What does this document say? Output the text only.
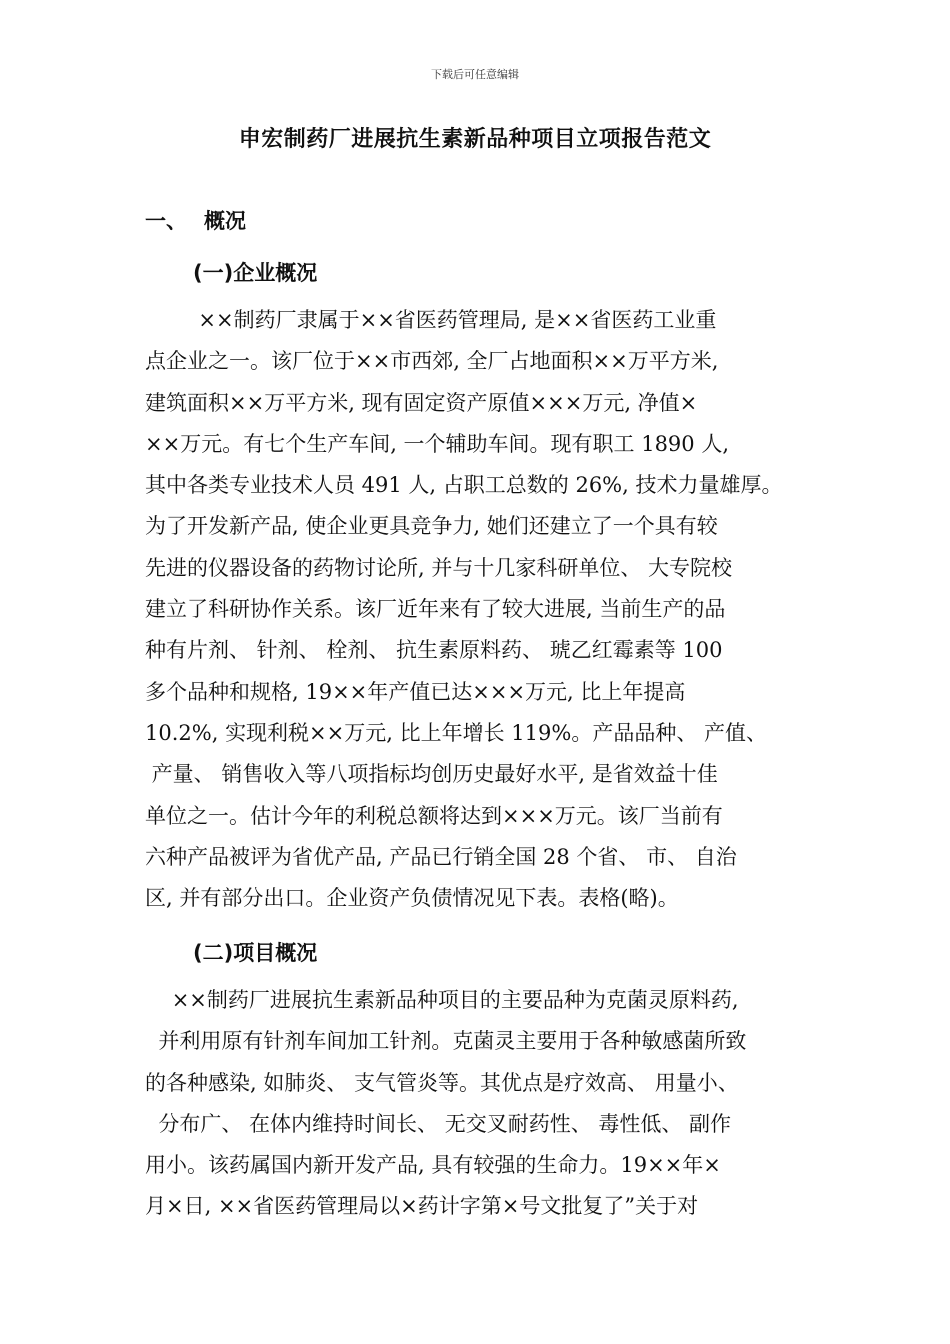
下载后可任意编辑
申宏制药厂进展抗生素新品种项目立项报告范文
一、 概况
(一)企业概况
××制药厂隶属于××省医药管理局, 是××省医药工业重
点企业之一。该厂位于××市西郊, 全厂占地面积××万平方米,
建筑面积××万平方米, 现有固定资产原值×××万元, 净值×
××万元。有七个生产车间, 一个辅助车间。现有职工 1890 人,
其中各类专业技术人员 491 人, 占职工总数的 26%, 技术力量雄厚。
为了开发新产品, 使企业更具竞争力, 她们还建立了一个具有较
先进的仪器设备的药物讨论所, 并与十几家科研单位、 大专院校
建立了科研协作关系。该厂近年来有了较大进展, 当前生产的品
种有片剂、 针剂、 栓剂、 抗生素原料药、 琥乙红霉素等 100
多个品种和规格, 19××年产值已达×××万元, 比上年提高
10.2%, 实现利税××万元, 比上年增长 119%。产品品种、 产值、
产量、 销售收入等八项指标均创历史最好水平, 是省效益十佳
单位之一。估计今年的利税总额将达到×××万元。该厂当前有
六种产品被评为省优产品, 产品已行销全国 28 个省、 市、 自治
区, 并有部分出口。企业资产负债情况见下表。表格(略)。
(二)项目概况
××制药厂进展抗生素新品种项目的主要品种为克菌灵原料药,
并利用原有针剂车间加工针剂。克菌灵主要用于各种敏感菌所致
的各种感染, 如肺炎、 支气管炎等。其优点是疗效高、 用量小、
分布广、 在体内维持时间长、 无交叉耐药性、 毒性低、 副作
用小。该药属国内新开发产品, 具有较强的生命力。19××年×
月×日, ××省医药管理局以×药计字第×号文批复了”关于对
